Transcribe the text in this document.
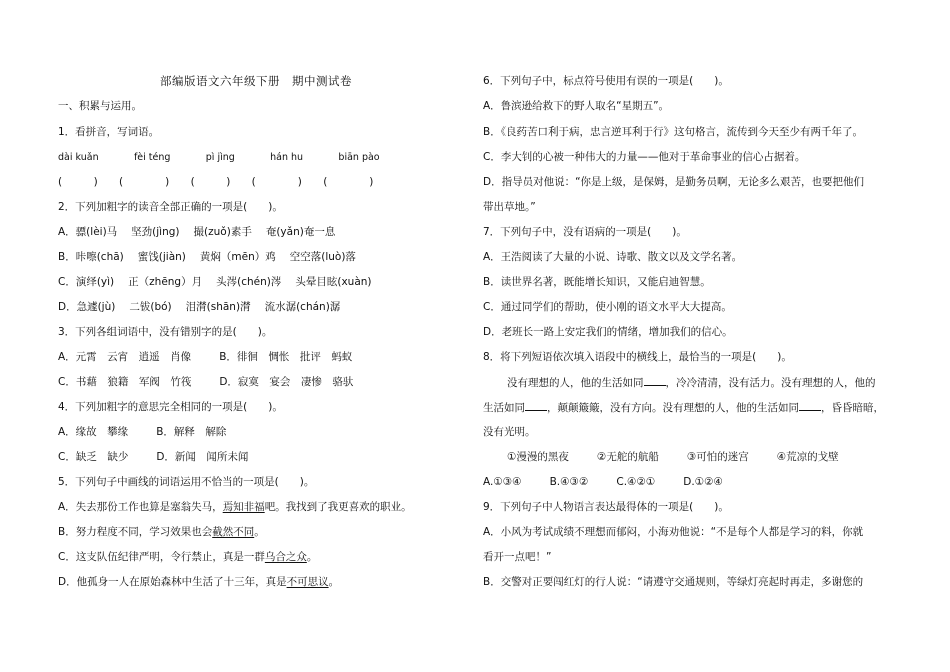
部编版语文六年级下册　期中测试卷
一、积累与运用。
1．看拼音，写词语。
dài kuǎn	fèi téng	pì jìng	hán hu	biān pào
(　　　) (　　　　) (　　　) (　　　　) (　　　　)
2．下列加粗字的读音全部正确的一项是(　　)。
A．骠(lèi)马 坚劲(jìng) 撮(zuǒ)素手 奄(yǎn)奄一息
B．咔嚓(chā) 蜜饯(jiàn) 黄焖（mēn）鸡 空空落(luò)落
C．演绎(yì) 正（zhēng）月 头涔(chén)涔 头晕目眩(xuàn)
D．急遽(jù) 二钹(bó) 泪潸(shān)潸 流水潺(chán)潺
3．下列各组词语中，没有错别字的是(　　)。
A．元霄　云宵　逍遥　肖像	B．徘徊　惆怅　批评　蚂蚁
C．书藉　狼籍　军阀　竹筏	D．寂寞　宴会　凄惨　骆驮
4．下列加粗字的意思完全相同的一项是(　　)。
A．缘故　攀缘	B．解释　解除
C．缺乏　缺少	D．新闻　闻所未闻
5．下列句子中画线的词语运用不恰当的一项是(　　)。
A．失去那份工作也算是塞翁失马，焉知非福吧。我找到了我更喜欢的职业。
B．努力程度不同，学习效果也会截然不同。
C．这支队伍纪律严明，令行禁止，真是一群乌合之众。
D．他孤身一人在原始森林中生活了十三年，真是不可思议。
6．下列句子中，标点符号使用有误的一项是(　　)。
A．鲁滨逊给救下的野人取名“星期五”。
B．《良药苦口利于病，忠言逆耳利于行》这句格言，流传到今天至少有两千年了。
C．李大钊的心被一种伟大的力量——他对于革命事业的信心占据着。
D．指导员对他说：“你是上级，是保姆，是勤务员啊，无论多么艰苦，也要把他们
带出草地。”
7．下列句子中，没有语病的一项是(　　)。
A．王浩阅读了大量的小说、诗歌、散文以及文学名著。
B．读世界名著，既能增长知识，又能启迪智慧。
C．通过同学们的帮助，使小刚的语文水平大大提高。
D．老班长一路上安定我们的情绪，增加我们的信心。
8．将下列短语依次填入语段中的横线上，最恰当的一项是(　　)。
没有理想的人，他的生活如同 ，冷冷清清，没有活力。没有理想的人，他的
生活如同 ，颠颠簸簸，没有方向。没有理想的人，他的生活如同 ，昏昏暗暗，
没有光明。
①漫漫的黑夜	②无舵的航船	③可怕的迷宫	④荒凉的戈壁
A.①③④	B.④③②	C.④②①	D.①②④
9．下列句子中人物语言表达最得体的一项是(　　)。
A．小风为考试成绩不理想而郁闷，小海劝他说：“不是每个人都是学习的料，你就
看开一点吧！”
B．交警对正要闯红灯的行人说：“请遵守交通规则，等绿灯亮起时再走，多谢您的
